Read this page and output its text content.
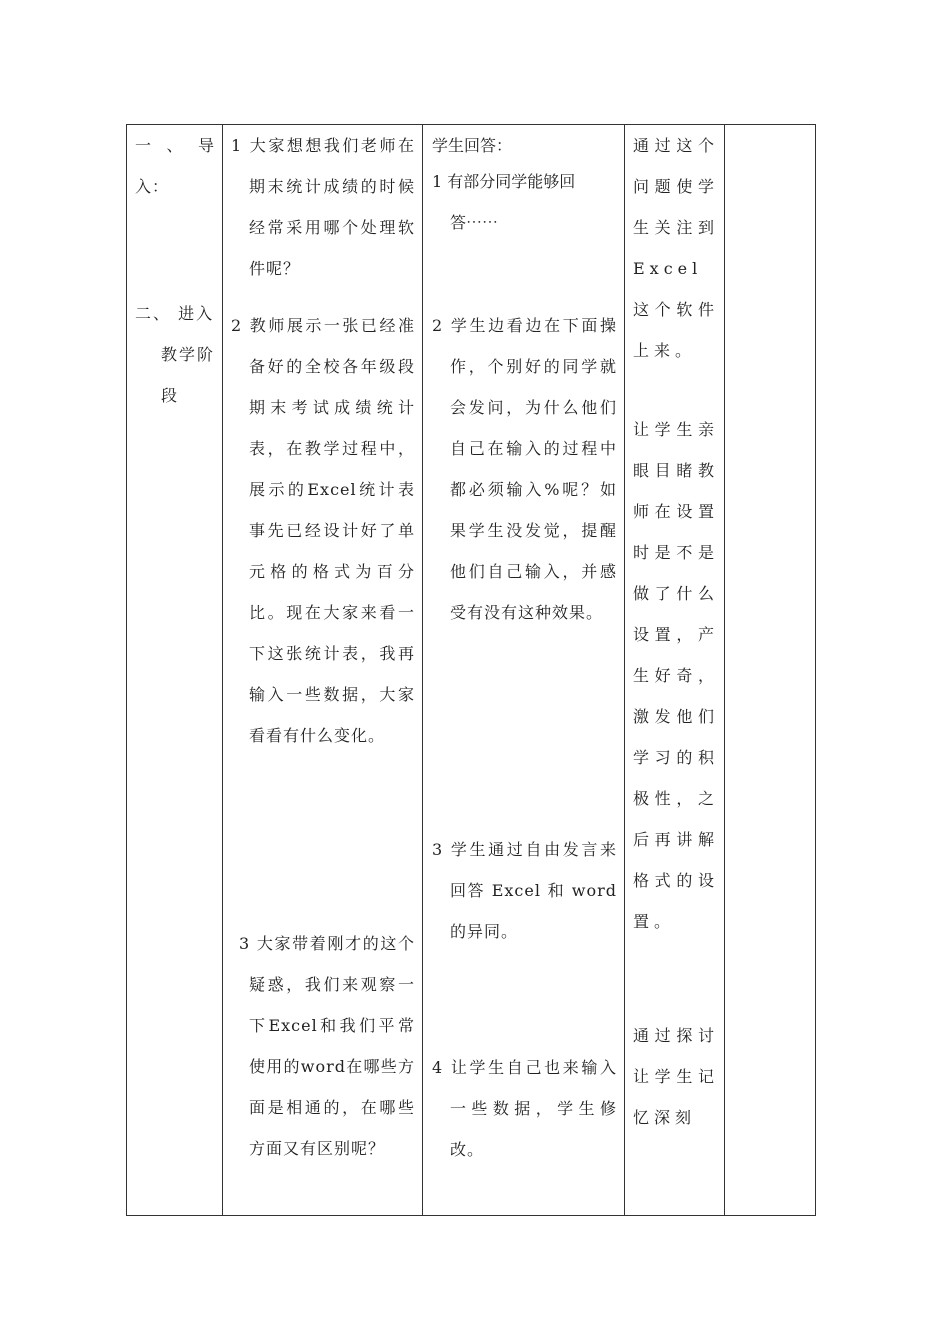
一 、 导入：

二、 进入教学阶段

1 大家想想我们老师在期末统计成绩的时候经常采用哪个处理软件呢？

2 教师展示一张已经准备好的全校各年级段期末考试成绩统计表，在教学过程中，展示的Excel统计表事先已经设计好了单元格的格式为百分比。现在大家来看一下这张统计表，我再输入一些数据，大家看看有什么变化。

3 大家带着刚才的这个疑惑，我们来观察一下Excel和我们平常使用的word在哪些方面是相通的，在哪些方面又有区别呢？

学生回答：

1 有部分同学能够回答⋯⋯

2 学生边看边在下面操作，个别好的同学就会发问，为什么他们自己在输入的过程中都必须输入%呢？如果学生没发觉，提醒他们自己输入，并感受有没有这种效果。

3 学生通过自由发言来回答 Excel 和 word 的异同。

4 让学生自己也来输入一些数据，学生修改。

通过这个问题使学生关注到 Excel 这个软件上来。

让学生亲眼目睹教师在设置时是不是做了什么设置，产生好奇，激发他们学习的积极性，之后再讲解格式的设置。

通过探讨让学生记忆深刻
